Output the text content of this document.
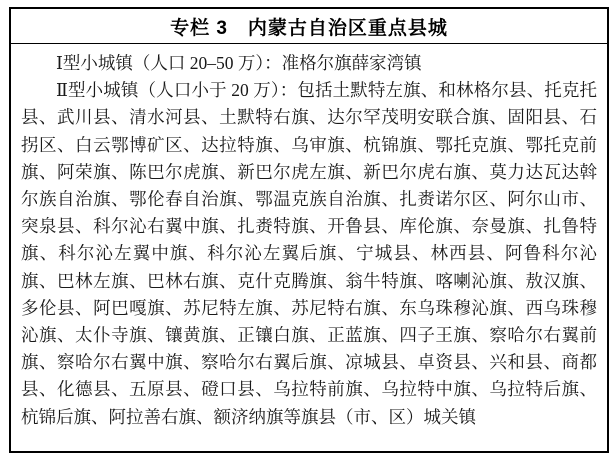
专栏 3　内蒙古自治区重点县城

Ⅰ型小城镇（人口 20–50 万）：准格尔旗薛家湾镇

Ⅱ型小城镇（人口小于 20 万）：包括土默特左旗、和林格尔县、托克托县、武川县、清水河县、土默特右旗、达尔罕茂明安联合旗、固阳县、石拐区、白云鄂博矿区、达拉特旗、乌审旗、杭锦旗、鄂托克旗、鄂托克前旗、阿荣旗、陈巴尔虎旗、新巴尔虎左旗、新巴尔虎右旗、莫力达瓦达斡尔族自治旗、鄂伦春自治旗、鄂温克族自治旗、扎赉诺尔区、阿尔山市、突泉县、科尔沁右翼中旗、扎赉特旗、开鲁县、库伦旗、奈曼旗、扎鲁特旗、科尔沁左翼中旗、科尔沁左翼后旗、宁城县、林西县、阿鲁科尔沁旗、巴林左旗、巴林右旗、克什克腾旗、翁牛特旗、喀喇沁旗、敖汉旗、多伦县、阿巴嘎旗、苏尼特左旗、苏尼特右旗、东乌珠穆沁旗、西乌珠穆沁旗、太仆寺旗、镶黄旗、正镶白旗、正蓝旗、四子王旗、察哈尔右翼前旗、察哈尔右翼中旗、察哈尔右翼后旗、凉城县、卓资县、兴和县、商都县、化德县、五原县、磴口县、乌拉特前旗、乌拉特中旗、乌拉特后旗、杭锦后旗、阿拉善右旗、额济纳旗等旗县（市、区）城关镇
